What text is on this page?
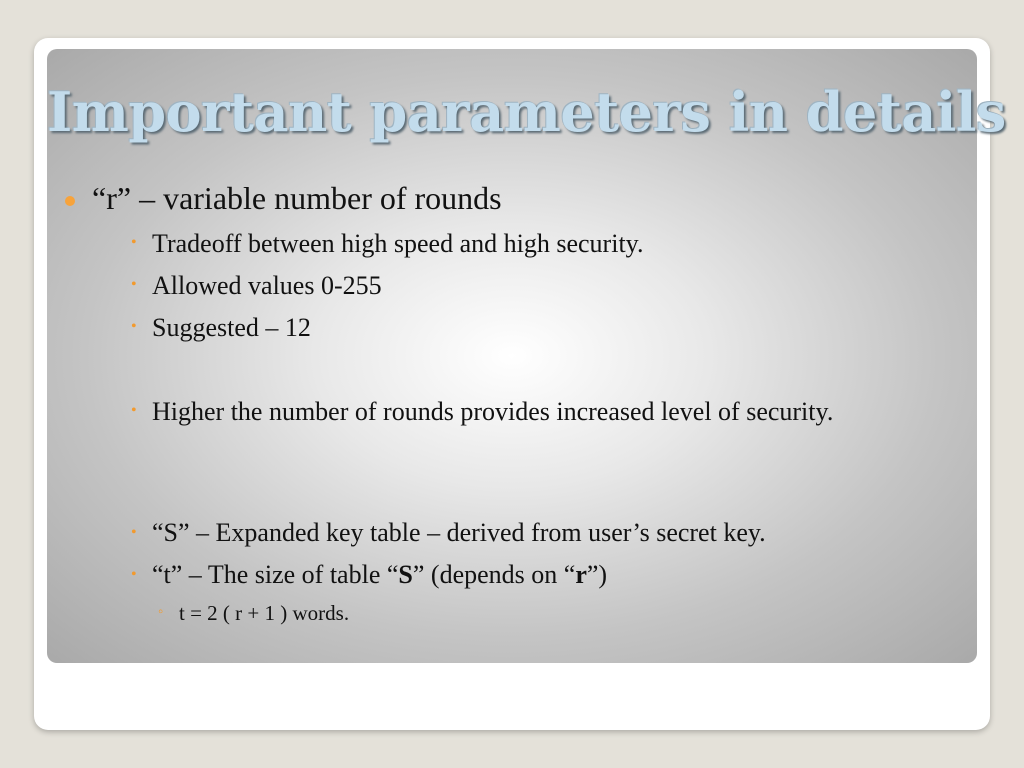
Important parameters in details
“r” – variable number of rounds
• Tradeoff between high speed and high security.
• Allowed values 0-255
• Suggested – 12
• Higher the number of rounds provides increased level of security.
• “S” – Expanded key table – derived from user’s secret key.
• “t” – The size of table “S” (depends on “r”)
◦ t = 2 ( r + 1 ) words.
